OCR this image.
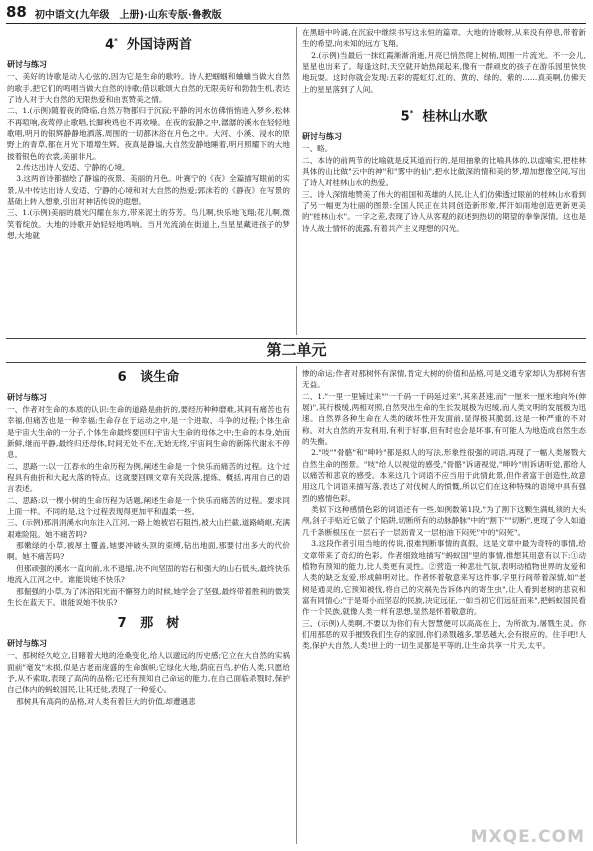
88 初中语文(九年级　上册)·山东专版·鲁教版
4* 外国诗两首
研讨与练习

一、美好的诗歌是动人心弦的,因为它是生命的歌吟。诗人把蝈蝈和蛐蛐当做大自然的歌手,把它们的鸣唱当做大自然的诗歌;借以歌颂大自然的无限美好和勃勃生机,表达了诗人对于大自然的无限热爱和由衷赞美之情。

二、1.(示例)随着夜的降临,自然万物都归于沉寂;平静的河水仿佛悄悄进入梦乡,松林不再喧响,夜莺停止歌唱,长脚秧鸡也不再欢噪。在夜的寂静之中,潺潺的溪水在轻轻地歌唱,明月的银辉静静地洒落,周围的一切都沐浴在月色之中。大河、小溪、浸水的原野上的青草,都在月光下增增生辉。夜真是静谧,大自然安静地睡着,明月照耀下的大地披着银色的衣裳,美丽非凡。

2.传达出诗人安适、宁静的心境。

3.这两首诗都描绘了静谧的夜景、美丽的月色。叶赛宁的《夜》全篇描写眼前的实景,从中传达出诗人安适、宁静的心境和对大自然的热爱;郭沫若的《静夜》在写景的基础上转入想象,引出对神话传说的遐想。

三、1.(示例)美丽的晨光闪耀在东方,带来泥土的芬芳。鸟儿啊,快乐地飞翔;花儿啊,微笑着绽放。大地的诗歌开始轻轻地鸣响。当月光流淌在街道上,当星星藏进孩子的梦想,大地就

在黑暗中吟诵,在沉寂中继续书写这永恒的篇章。大地的诗歌呀,从来没有停息,带着新生的希望,向未知的远方飞翔。

2.(示例)当最后一抹红霞渐渐消逝,月亮已悄然爬上树梢,周围一片流光。不一会儿,星星也出来了。每逢这时,天空就开始热闹起来,像有一群顽皮的孩子在游乐园里快快地玩耍。这时你就会发现:五彩的霓虹灯,红的、黄的、绿的、紫的……真美啊,仿佛天上的星星落到了人间。

5* 桂林山水歌
研讨与练习

一、略。

二、本诗的前两节的比喻就是反其道而行的,是用抽象的比喻具体的,以虚喻实,把桂林具体的山比做"云中的神"和"雾中的仙",把水比做深的情和美的梦,增加想像空间,写出了诗人对桂林山水的热爱。

三、诗人深情地赞美了伟大的祖国和英雄的人民,让人们仿佛透过眼前的桂林山水看到了另一幅更为壮丽的图景:全国人民正在共同创造新形象,挥汗如雨地创造更新更美的"桂林山水"。一字之差,表现了诗人从客观的叙述到热切的期望的拳拳深情。这也是诗人战士情怀的流露,有着共产主义理想的闪光。

第二单元
6 谈生命
研讨与练习

一、作者对生命的本质的认识:生命的道路是曲折的,要经历种种磨难,其间有痛苦也有幸福,但痛苦也是一种幸福;生命存在于运动之中,是一个进取、斗争的过程;个体生命是宇宙大生命的一分子,个体生命最终要回归宇宙大生命的母体之中;生命的本身,始而新鲜,继而平静,最终归还母体,时间无处不在,无始无终,宇宙间生命的新陈代谢永不停息。

二、思路一:以一江春水的生命历程为例,阐述生命是一个快乐而痛苦的过程。这个过程具有曲折和大起大落的特点。这就要回顾文章有关段落,提炼、概括,再用自己的语言表述。

二、思路:以一棵小树的生命历程为话题,阐述生命是一个快乐而痛苦的过程。要求同上面一样。不同的是,这个过程表现得更加平和温柔一些。

三、(示例)那涓涓溪水向东注入江河,一路上她被岩石阻挡,被大山拦截,道路崎岖,充满艰难险阻。她不痛苦吗?

那嫩绿的小草,被厚土覆盖,她要冲破头顶的束缚,钻出地面,那要付出多大的代价啊。她不痛苦吗?

但那顽强的溪水一直向前,永不退缩,决不向坚固的岩石和强大的山石低头,最终快乐地流入江河之中。谁能说她不快乐?

那倔强的小草,为了沐浴阳光而不懈努力的时候,她学会了坚强,最终带着胜利的微笑生长在蓝天下。谁能说她不快乐?

7 那　树
研讨与练习

一、那树经久屹立,目睹着大地的沧桑变化,给人以邈远的历史感;它立在大自然的实祸面前"毫发"未损,似是古老而庞盛的生命旗帜;它绿化大地,荫庇百鸟,护佑人类,只愿给予,从不索取,表现了高尚的品格;它还有预知自己命运的能力,在自己面临杀戮时,保护自己体内的蚂蚁国民,让其迁徙,表现了一种爱心。

那树具有高尚的品格,对人类有着巨大的价值,却遭遇悲

惨的命运;作者对那树怀有深情,肯定大树的价值和品格,可是交通专家却认为那树有害无益。

二、1."一里一里铺过来""一千码一千码延过来",其来甚速,而"一厘米一厘米地向外(伸展)",其行极缓,两相对照,自然突出生命的生长发展极为迟缓,而人类文明的发展极为迅速。自然界各种生命在人类的破坏性开发面前,显得极其脆弱,这是一种严重的不对称。对大自然的开发利用,有利于好事,但有时也会是坏事,有可能人为地造成自然生态的失衡。

2."吱""骨骼"和"呻吟"都是拟人的写法,形象性很强的词语,再现了一幅人类屠戮大自然生命的图景。"吱"给人以视觉的感受,"骨骼"诉诸视觉,"呻吟"则诉诸听觉,都给人以痛苦和悲哀的感受。本来这几个词语不应当用于此情此景,但作者富于创造性,故意用这几个词语来描写落,表达了对伐树人的愤慨,所以它们在这种特殊的语境中具有强烈的感情色彩。

类似下这种感情色彩的词语还有一些,如例数第1段,"为了割下这颗生满虬须的大头颅,剑子手贴近它做了个陷阱,切断所有的动脉静脉"中的"割下""切断",更现了令人如道几千条断根压在一层石子一层沥青又一层柏油下闷死"中的"闷死"。

3.这段作者引用当地的传说,很难判断事情的真假。这是文章中最为奇特的事情,给文章带来了奇幻的色彩。作者细致地描写"蚂蚁国"里的事情,推想其用意有以下:①动植物有预知的能力,比人类更有灵性。②营造一种悲壮气氛,表明动植物世界的友爱和人类的缺乏友爱,形成鲜明对比。作者怀着敬意来写这件事,字里行间带着深情,如"老树是通灵的,它预知被伐,将自己的灾祸先告诉体内的寄生虫",让人看到老树的悲哀和富有同情心;"于是哥小而坚忍的民族,决定远征,一如当初它们远征而来",把蚂蚁国民看作一个民族,就像人类一样有思想,显然是怀着敬意的。

三、(示例)人类啊,不要以为你们有大智慧便可以高高在上、为所欲为,屠戮生灵。你们用那恶的双手摧毁我们生存的家园,你们杀戮越多,罪恶越大,会有报应的。住手吧!人类,保护大自然,人类!世上的一切生灵都是平等的,让生命共享一片天,太平。

MXQE.COM
